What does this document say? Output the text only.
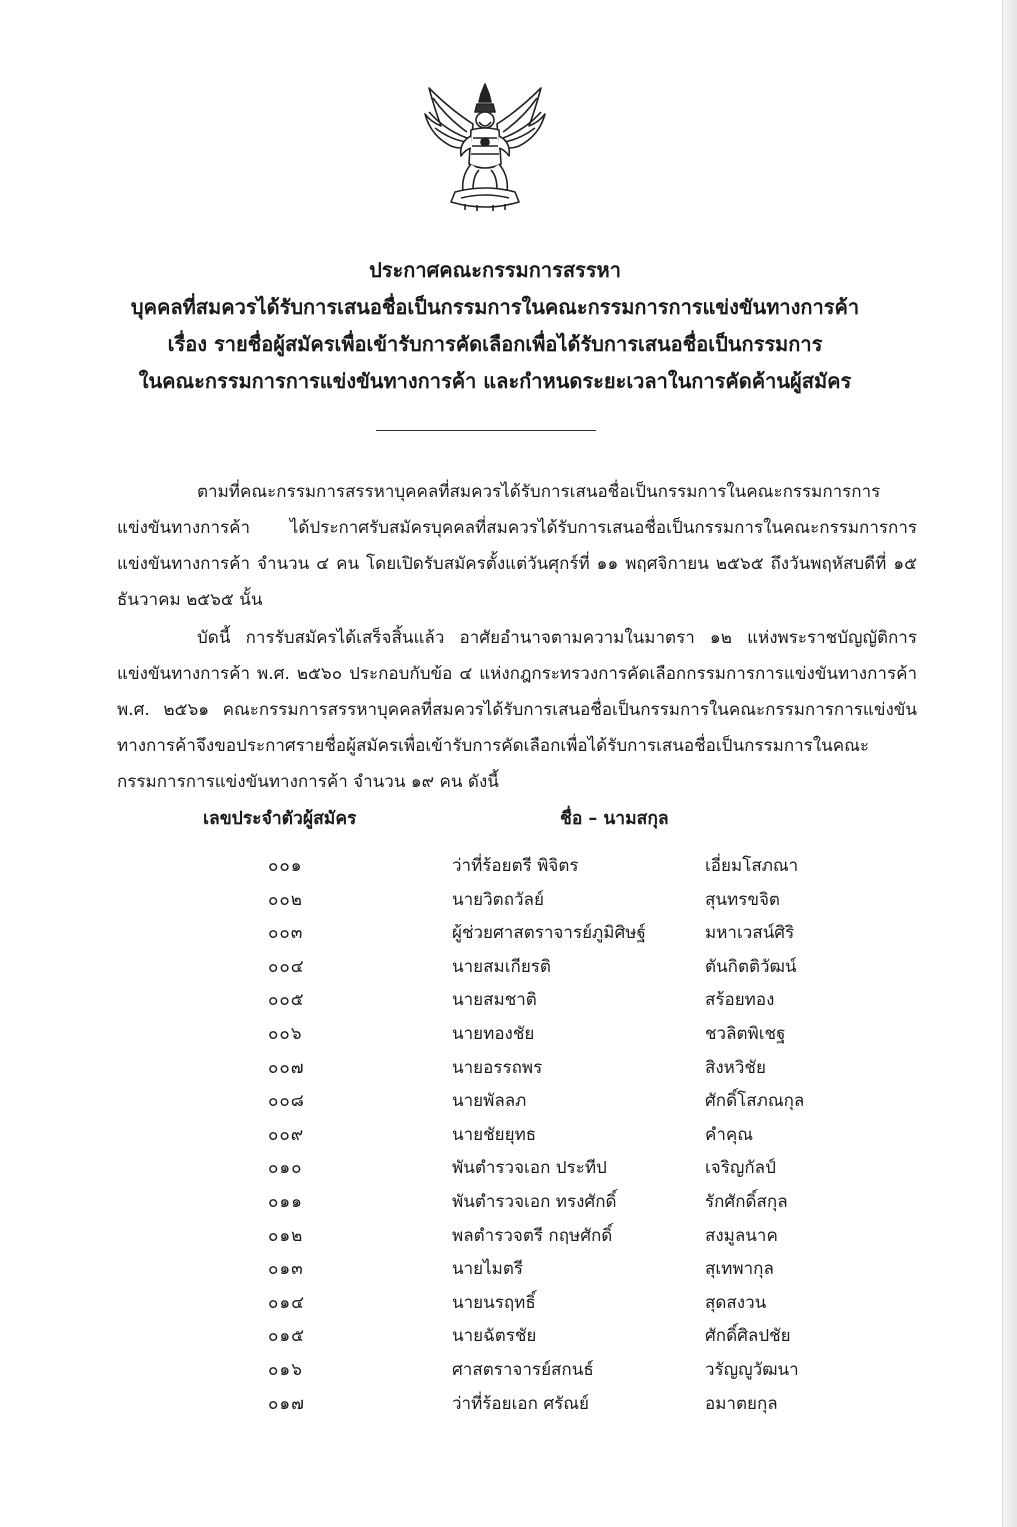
ประกาศคณะกรรมการสรรหา
บุคคลที่สมควรได้รับการเสนอชื่อเป็นกรรมการในคณะกรรมการการแข่งขันทางการค้า
เรื่อง รายชื่อผู้สมัครเพื่อเข้ารับการคัดเลือกเพื่อได้รับการเสนอชื่อเป็นกรรมการ
ในคณะกรรมการการแข่งขันทางการค้า และกำหนดระยะเวลาในการคัดค้านผู้สมัคร
ตามที่คณะกรรมการสรรหาบุคคลที่สมควรได้รับการเสนอชื่อเป็นกรรมการในคณะกรรมการการแข่งขันทางการค้า ได้ประกาศรับสมัครบุคคลที่สมควรได้รับการเสนอชื่อเป็นกรรมการในคณะกรรมการการแข่งขันทางการค้า จำนวน ๔ คน โดยเปิดรับสมัครตั้งแต่วันศุกร์ที่ ๑๑ พฤศจิกายน ๒๕๖๕ ถึงวันพฤหัสบดีที่ ๑๕ ธันวาคม ๒๕๖๕ นั้น
บัดนี้ การรับสมัครได้เสร็จสิ้นแล้ว อาศัยอำนาจตามความในมาตรา ๑๒ แห่งพระราชบัญญัติการแข่งขันทางการค้า พ.ศ. ๒๕๖๐ ประกอบกับข้อ ๔ แห่งกฎกระทรวงการคัดเลือกกรรมการการแข่งขันทางการค้า พ.ศ. ๒๕๖๑ คณะกรรมการสรรหาบุคคลที่สมควรได้รับการเสนอชื่อเป็นกรรมการในคณะกรรมการการแข่งขันทางการค้าจึงขอประกาศรายชื่อผู้สมัครเพื่อเข้ารับการคัดเลือกเพื่อได้รับการเสนอชื่อเป็นกรรมการในคณะกรรมการการแข่งขันทางการค้า จำนวน ๑๙ คน ดังนี้
เลขประจำตัวผู้สมัคร	ชื่อ – นามสกุล
๐๐๑	ว่าที่ร้อยตรี พิจิตร	เอี่ยมโสภณา
๐๐๒	นายวิตถวัลย์	สุนทรขจิต
๐๐๓	ผู้ช่วยศาสตราจารย์ภูมิศิษฐ์	มหาเวสน์ศิริ
๐๐๔	นายสมเกียรติ	ตันกิตติวัฒน์
๐๐๕	นายสมชาติ	สร้อยทอง
๐๐๖	นายทองชัย	ชวลิตพิเชฐ
๐๐๗	นายอรรถพร	สิงหวิชัย
๐๐๘	นายพัลลภ	ศักดิ์โสภณกุล
๐๐๙	นายชัยยุทธ	คำคุณ
๐๑๐	พันตำรวจเอก ประทีป	เจริญกัลป์
๐๑๑	พันตำรวจเอก ทรงศักดิ์	รักศักดิ์สกุล
๐๑๒	พลตำรวจตรี กฤษศักดิ์	สงมูลนาค
๐๑๓	นายไมตรี	สุเทพากุล
๐๑๔	นายนรฤทธิ์	สุดสงวน
๐๑๕	นายฉัตรชัย	ศักดิ์ศิลปชัย
๐๑๖	ศาสตราจารย์สกนธ์	วรัญญูวัฒนา
๐๑๗	ว่าที่ร้อยเอก ศรัณย์	อมาตยกุล
